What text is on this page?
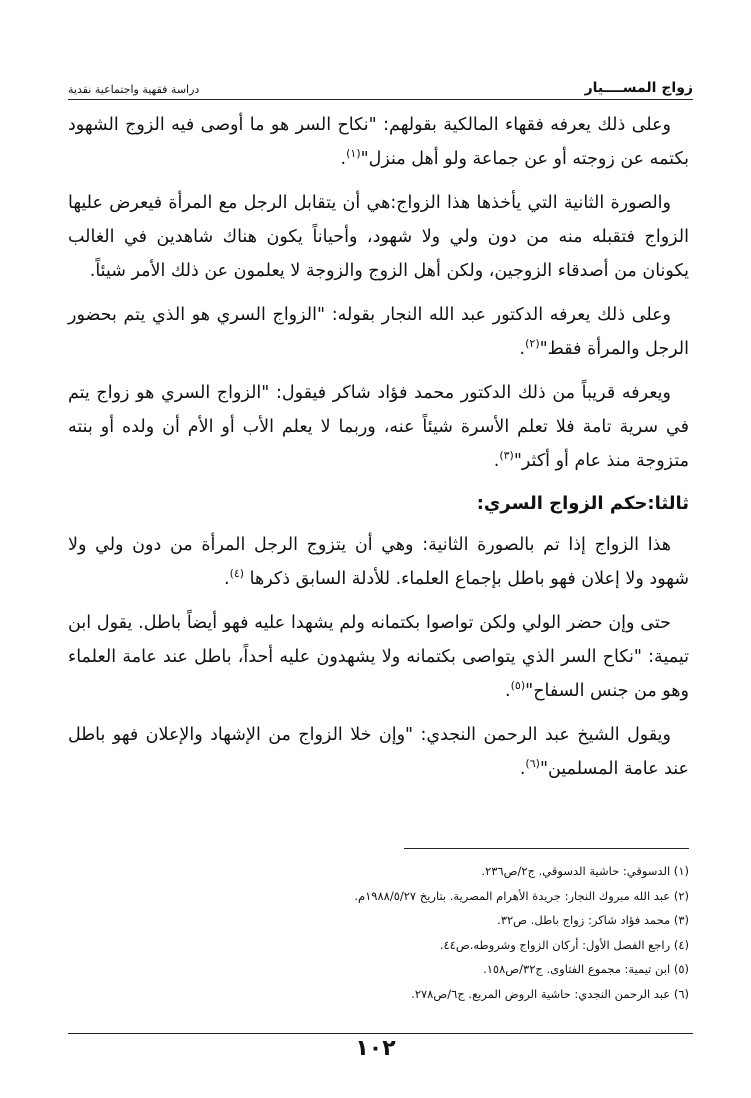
زواج المســــيار
دراسة فقهية واجتماعية نقدية

وعلى ذلك يعرفه فقهاء المالكية بقولهم: "نكاح السر هو ما أوصى فيه الزوج الشهود بكتمه عن زوجته أو عن جماعة ولو أهل منزل"$^{(١)}$.

والصورة الثانية التي يأخذها هذا الزواج:هي أن يتقابل الرجل مع المرأة فيعرض عليها الزواج فتقبله منه من دون ولي ولا شهود، وأحياناً يكون هناك شاهدين في الغالب يكونان من أصدقاء الزوجين، ولكن أهل الزوج والزوجة لا يعلمون عن ذلك الأمر شيئاً.

وعلى ذلك يعرفه الدكتور عبد الله النجار بقوله: "الزواج السري هو الذي يتم بحضور الرجل والمرأة فقط"$^{(٢)}$.

ويعرفه قريباً من ذلك الدكتور محمد فؤاد شاكر فيقول: "الزواج السري هو زواج يتم في سرية تامة فلا تعلم الأسرة شيئاً عنه، وربما لا يعلم الأب أو الأم أن ولده أو بنته متزوجة منذ عام أو أكثر"$^{(٣)}$.

ثالثا:حكم الزواج السري:

هذا الزواج إذا تم بالصورة الثانية: وهي أن يتزوج الرجل المرأة من دون ولي ولا شهود ولا إعلان فهو باطل بإجماع العلماء. للأدلة السابق ذكرها $^{(٤)}$.

حتى وإن حضر الولي ولكن تواصوا بكتمانه ولم يشهدا عليه فهو أيضاً باطل. يقول ابن تيمية: "نكاح السر الذي يتواصى بكتمانه ولا يشهدون عليه أحداً، باطل عند عامة العلماء وهو من جنس السفاح"$^{(٥)}$.

ويقول الشيخ عبد الرحمن النجدي: "وإن خلا الزواج من الإشهاد والإعلان فهو باطل عند عامة المسلمين"$^{(٦)}$.

(١) الدسوقي: حاشية الدسوقي. ج٢/ص٢٣٦.
(٢) عبد الله مبروك النجار: جريدة الأهرام المصرية. بتاريخ ١٩٨٨/٥/٢٧م.
(٣) محمد فؤاد شاكر: زواج باطل. ص٣٢.
(٤) راجع الفصل الأول: أركان الزواج وشروطه.ص٤٤.
(٥) ابن تيمية: مجموع الفتاوى. ج٣٢/ص١٥٨.
(٦) عبد الرحمن النجدي: حاشية الروض المربع. ج٦/ص٢٧٨.
١٠٢
